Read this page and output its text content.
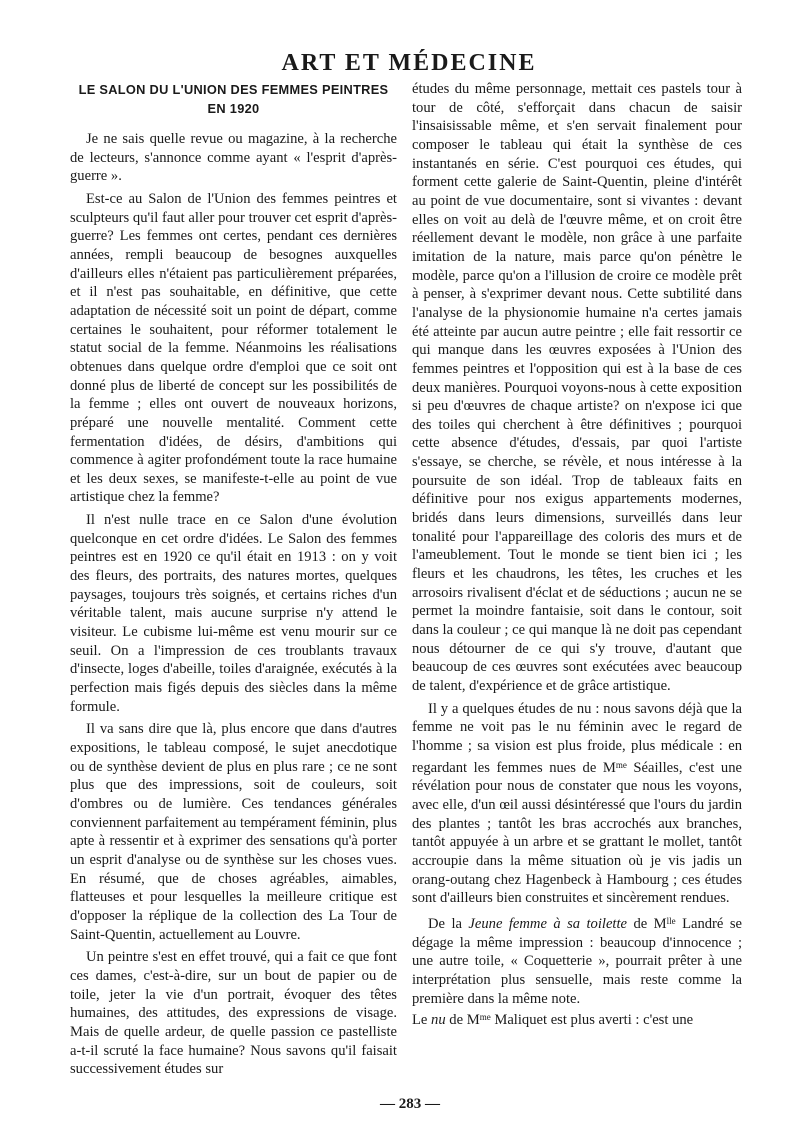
ART ET MÉDECINE
LE SALON DU L'UNION DES FEMMES PEINTRES
EN 1920

Je ne sais quelle revue ou magazine, à la recherche de lecteurs, s'annonce comme ayant « l'esprit d'après-guerre ».

Est-ce au Salon de l'Union des femmes peintres et sculpteurs qu'il faut aller pour trouver cet esprit d'après-guerre? Les femmes ont certes, pendant ces dernières années, rempli beaucoup de besognes auxquelles d'ailleurs elles n'étaient pas particulièrement préparées, et il n'est pas souhaitable, en définitive, que cette adaptation de nécessité soit un point de départ, comme certaines le souhaitent, pour réformer totalement le statut social de la femme. Néanmoins les réalisations obtenues dans quelque ordre d'emploi que ce soit ont donné plus de liberté de concept sur les possibilités de la femme ; elles ont ouvert de nouveaux horizons, préparé une nouvelle mentalité. Comment cette fermentation d'idées, de désirs, d'ambitions qui commence à agiter profondément toute la race humaine et les deux sexes, se manifeste-t-elle au point de vue artistique chez la femme?

Il n'est nulle trace en ce Salon d'une évolution quelconque en cet ordre d'idées. Le Salon des femmes peintres est en 1920 ce qu'il était en 1913 : on y voit des fleurs, des portraits, des natures mortes, quelques paysages, toujours très soignés, et certains riches d'un véritable talent, mais aucune surprise n'y attend le visiteur. Le cubisme lui-même est venu mourir sur ce seuil. On a l'impression de ces troublants travaux d'insecte, loges d'abeille, toiles d'araignée, exécutés à la perfection mais figés depuis des siècles dans la même formule.

Il va sans dire que là, plus encore que dans d'autres expositions, le tableau composé, le sujet anecdotique ou de synthèse devient de plus en plus rare ; ce ne sont plus que des impressions, soit de couleurs, soit d'ombres ou de lumière. Ces tendances générales conviennent parfaitement au tempérament féminin, plus apte à ressentir et à exprimer des sensations qu'à porter un esprit d'analyse ou de synthèse sur les choses vues. En résumé, que de choses agréables, aimables, flatteuses et pour lesquelles la meilleure critique est d'opposer la réplique de la collection des La Tour de Saint-Quentin, actuellement au Louvre.

Un peintre s'est en effet trouvé, qui a fait ce que font ces dames, c'est-à-dire, sur un bout de papier ou de toile, jeter la vie d'un portrait, évoquer des têtes humaines, des attitudes, des expressions de visage. Mais de quelle ardeur, de quelle passion ce pastelliste a-t-il scruté la face humaine? Nous savons qu'il faisait successivement études sur

études du même personnage, mettait ces pastels tour à tour de côté, s'efforçait dans chacun de saisir l'insaisissable même, et s'en servait finalement pour composer le tableau qui était la synthèse de ces instantanés en série. C'est pourquoi ces études, qui forment cette galerie de Saint-Quentin, pleine d'intérêt au point de vue documentaire, sont si vivantes : devant elles on voit au delà de l'œuvre même, et on croit être réellement devant le modèle, non grâce à une parfaite imitation de la nature, mais parce qu'on pénètre le modèle, parce qu'on a l'illusion de croire ce modèle prêt à penser, à s'exprimer devant nous. Cette subtilité dans l'analyse de la physionomie humaine n'a certes jamais été atteinte par aucun autre peintre ; elle fait ressortir ce qui manque dans les œuvres exposées à l'Union des femmes peintres et l'opposition qui est à la base de ces deux manières. Pourquoi voyons-nous à cette exposition si peu d'œuvres de chaque artiste? on n'expose ici que des toiles qui cherchent à être définitives ; pourquoi cette absence d'études, d'essais, par quoi l'artiste s'essaye, se cherche, se révèle, et nous intéresse à la poursuite de son idéal. Trop de tableaux faits en définitive pour nos exigus appartements modernes, bridés dans leurs dimensions, surveillés dans leur tonalité pour l'appareillage des coloris des murs et de l'ameublement. Tout le monde se tient bien ici ; les fleurs et les chaudrons, les têtes, les cruches et les arrosoirs rivalisent d'éclat et de séductions ; aucun ne se permet la moindre fantaisie, soit dans le contour, soit dans la couleur ; ce qui manque là ne doit pas cependant nous détourner de ce qui s'y trouve, d'autant que beaucoup de ces œuvres sont exécutées avec beaucoup de talent, d'expérience et de grâce artistique.

Il y a quelques études de nu : nous savons déjà que la femme ne voit pas le nu féminin avec le regard de l'homme ; sa vision est plus froide, plus médicale : en regardant les femmes nues de $M^{me}$ Séailles, c'est une révélation pour nous de constater que nous les voyons, avec elle, d'un œil aussi désintéressé que l'ours du jardin des plantes ; tantôt les bras accrochés aux branches, tantôt appuyée à un arbre et se grattant le mollet, tantôt accroupie dans la même situation où je vis jadis un orang-outang chez Hagenbeck à Hambourg ; ces études sont d'ailleurs bien construites et sincèrement rendues.

De la Jeune femme à sa toilette de $M^{lle}$ Landré se dégage la même impression : beaucoup d'innocence ; une autre toile, « Coquetterie », pourrait prêter à une interprétation plus sensuelle, mais reste comme la première dans la même note.

Le nu de $M^{me}$ Maliquet est plus averti : c'est une

— 283 —
